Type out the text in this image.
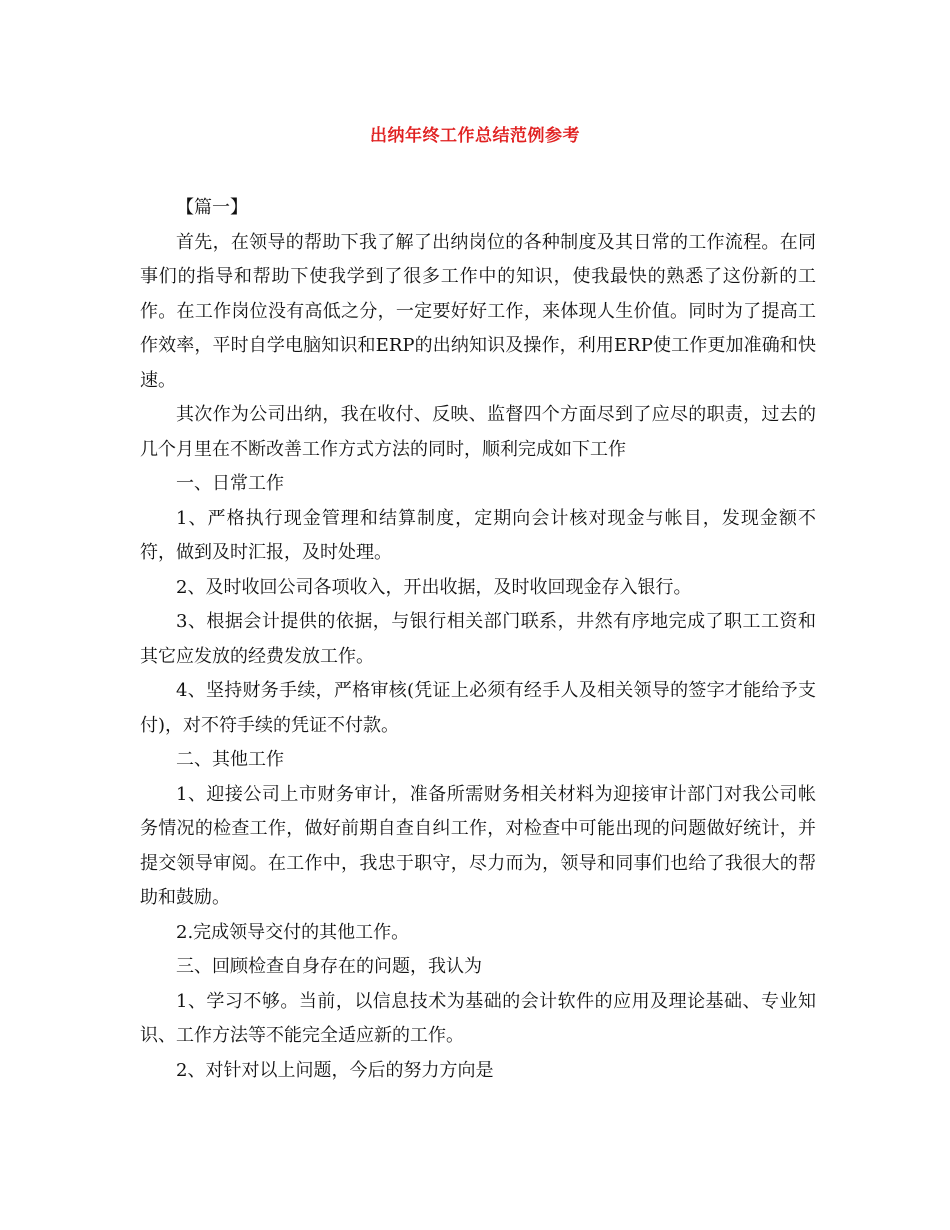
出纳年终工作总结范例参考

【篇一】

首先，在领导的帮助下我了解了出纳岗位的各种制度及其日常的工作流程。在同事们的指导和帮助下使我学到了很多工作中的知识，使我最快的熟悉了这份新的工作。在工作岗位没有高低之分，一定要好好工作，来体现人生价值。同时为了提高工作效率，平时自学电脑知识和ERP的出纳知识及操作，利用ERP使工作更加准确和快速。

其次作为公司出纳，我在收付、反映、监督四个方面尽到了应尽的职责，过去的几个月里在不断改善工作方式方法的同时，顺利完成如下工作

一、日常工作

1、严格执行现金管理和结算制度，定期向会计核对现金与帐目，发现金额不符，做到及时汇报，及时处理。

2、及时收回公司各项收入，开出收据，及时收回现金存入银行。

3、根据会计提供的依据，与银行相关部门联系，井然有序地完成了职工工资和其它应发放的经费发放工作。

4、坚持财务手续，严格审核(凭证上必须有经手人及相关领导的签字才能给予支付)，对不符手续的凭证不付款。

二、其他工作

1、迎接公司上市财务审计，准备所需财务相关材料为迎接审计部门对我公司帐务情况的检查工作，做好前期自查自纠工作，对检查中可能出现的问题做好统计，并提交领导审阅。在工作中，我忠于职守，尽力而为，领导和同事们也给了我很大的帮助和鼓励。

2.完成领导交付的其他工作。

三、回顾检查自身存在的问题，我认为

1、学习不够。当前，以信息技术为基础的会计软件的应用及理论基础、专业知识、工作方法等不能完全适应新的工作。

2、对针对以上问题，今后的努力方向是
